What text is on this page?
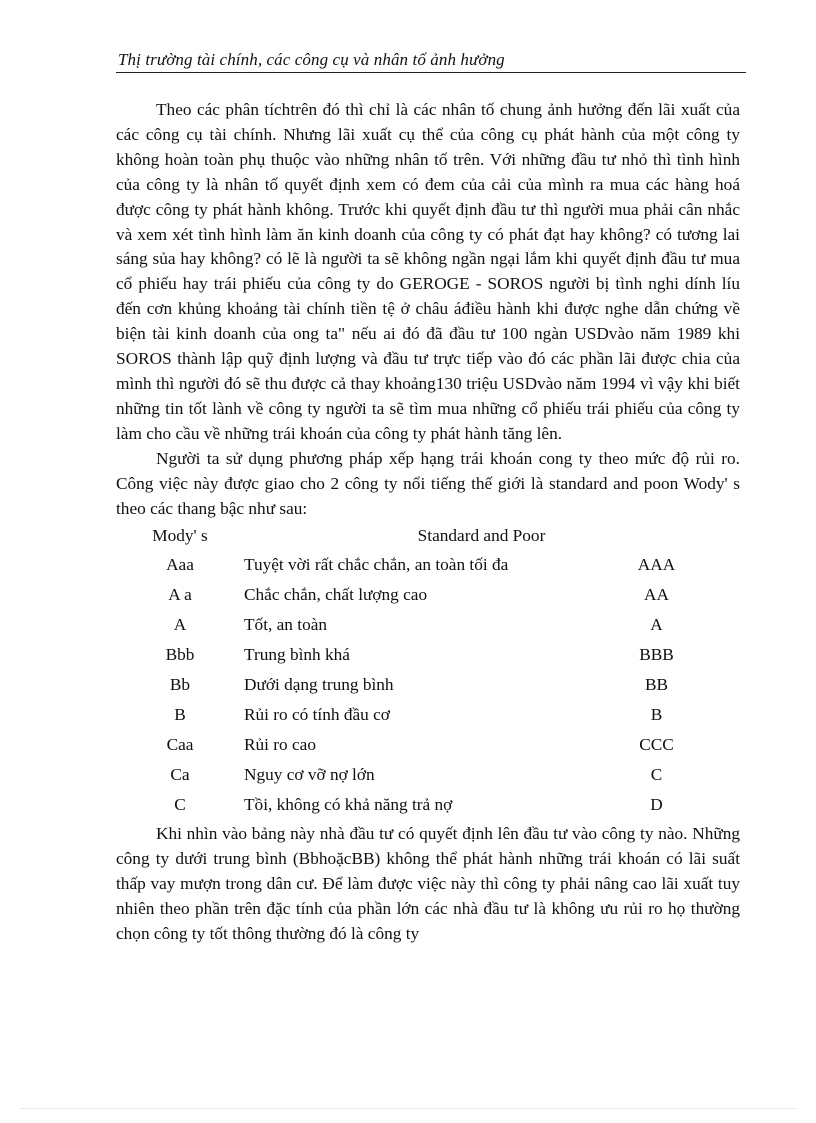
Thị trường tài chính, các công cụ và nhân tố ảnh hưởng

Theo các phân tíchtrên đó thì chỉ là các nhân tố chung ảnh hưởng đến lãi xuất của các công cụ tài chính. Nhưng lãi xuất cụ thể của công cụ phát hành của một công ty không hoàn toàn phụ thuộc vào những nhân tố trên. Với những đầu tư nhỏ thì tình hình của công ty là nhân tố quyết định xem có đem của cải của mình ra mua các hàng hoá được công ty phát hành không. Trước khi quyết định đầu tư thì người mua phải cân nhắc và xem xét tình hình làm ăn kinh doanh của công ty có phát đạt hay không? có tương lai sáng sủa hay không? có lẽ là người ta sẽ không ngần ngại lắm khi quyết định đầu tư mua cổ phiếu hay trái phiếu của công ty do GEROGE - SOROS người bị tình nghi dính líu đến cơn khủng khoảng tài chính tiền tệ ở châu áđiều hành khi được nghe dẫn chứng về biện tài kinh doanh của ong ta" nếu ai đó đã đầu tư 100 ngàn USDvào năm 1989 khi SOROS thành lập quỹ định lượng và đầu tư trực tiếp vào đó các phần lãi được chia của mình thì người đó sẽ thu được cả thay khoảng130 triệu USDvào năm 1994 vì vậy khi biết những tin tốt lành về công ty người ta sẽ tìm mua những cổ phiếu trái phiếu của công ty làm cho cầu về những trái khoán của công ty phát hành tăng lên.

Người ta sử dụng phương pháp xếp hạng trái khoán cong ty theo mức độ rủi ro. Công việc này được giao cho 2 công ty nổi tiếng thế giới là standard and poon Wody' s theo các thang bậc như sau:

Mody' s	Standard and Poor	
Aaa	Tuyệt vời rất chắc chắn, an toàn tối đa	AAA
A a	Chắc chắn, chất lượng cao	AA
A	Tốt, an toàn	A
Bbb	Trung bình khá	BBB
Bb	Dưới dạng trung bình	BB
B	Rủi ro có tính đầu cơ	B
Caa	Rủi ro cao	CCC
Ca	Nguy cơ vỡ nợ lớn	C
C	Tồi, không có khả năng trả nợ	D

Khi nhìn vào bảng này nhà đầu tư có quyết định lên đầu tư vào công ty nào. Những công ty dưới trung bình (BbhoặcBB) không thể phát hành những trái khoán có lãi suất thấp vay mượn trong dân cư. Để làm được việc này thì công ty phải nâng cao lãi xuất tuy nhiên theo phần trên đặc tính của phần lớn các nhà đầu tư là không ưu rủi ro họ thường chọn công ty tốt thông thường đó là công ty
